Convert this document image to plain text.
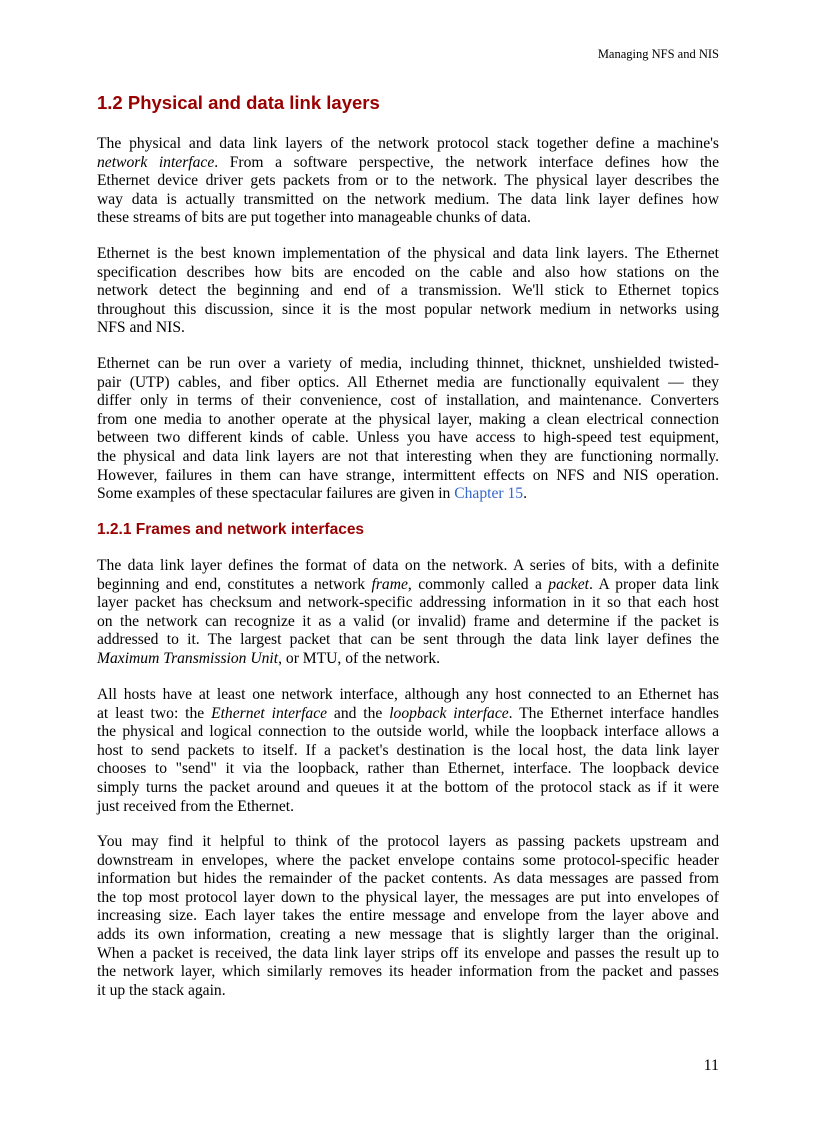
Managing NFS and NIS
1.2 Physical and data link layers

The physical and data link layers of the network protocol stack together define a machine's
network interface. From a software perspective, the network interface defines how the
Ethernet device driver gets packets from or to the network. The physical layer describes the
way data is actually transmitted on the network medium. The data link layer defines how
these streams of bits are put together into manageable chunks of data.

Ethernet is the best known implementation of the physical and data link layers. The Ethernet
specification describes how bits are encoded on the cable and also how stations on the
network detect the beginning and end of a transmission. We'll stick to Ethernet topics
throughout this discussion, since it is the most popular network medium in networks using
NFS and NIS.

Ethernet can be run over a variety of media, including thinnet, thicknet, unshielded twisted-
pair (UTP) cables, and fiber optics. All Ethernet media are functionally equivalent — they
differ only in terms of their convenience, cost of installation, and maintenance. Converters
from one media to another operate at the physical layer, making a clean electrical connection
between two different kinds of cable. Unless you have access to high-speed test equipment,
the physical and data link layers are not that interesting when they are functioning normally.
However, failures in them can have strange, intermittent effects on NFS and NIS operation.
Some examples of these spectacular failures are given in Chapter 15.

1.2.1 Frames and network interfaces

The data link layer defines the format of data on the network. A series of bits, with a definite
beginning and end, constitutes a network frame, commonly called a packet. A proper data link
layer packet has checksum and network-specific addressing information in it so that each host
on the network can recognize it as a valid (or invalid) frame and determine if the packet is
addressed to it. The largest packet that can be sent through the data link layer defines the
Maximum Transmission Unit, or MTU, of the network.

All hosts have at least one network interface, although any host connected to an Ethernet has
at least two: the Ethernet interface and the loopback interface. The Ethernet interface handles
the physical and logical connection to the outside world, while the loopback interface allows a
host to send packets to itself. If a packet's destination is the local host, the data link layer
chooses to "send" it via the loopback, rather than Ethernet, interface. The loopback device
simply turns the packet around and queues it at the bottom of the protocol stack as if it were
just received from the Ethernet.

You may find it helpful to think of the protocol layers as passing packets upstream and
downstream in envelopes, where the packet envelope contains some protocol-specific header
information but hides the remainder of the packet contents. As data messages are passed from
the top most protocol layer down to the physical layer, the messages are put into envelopes of
increasing size. Each layer takes the entire message and envelope from the layer above and
adds its own information, creating a new message that is slightly larger than the original.
When a packet is received, the data link layer strips off its envelope and passes the result up to
the network layer, which similarly removes its header information from the packet and passes
it up the stack again.

11
